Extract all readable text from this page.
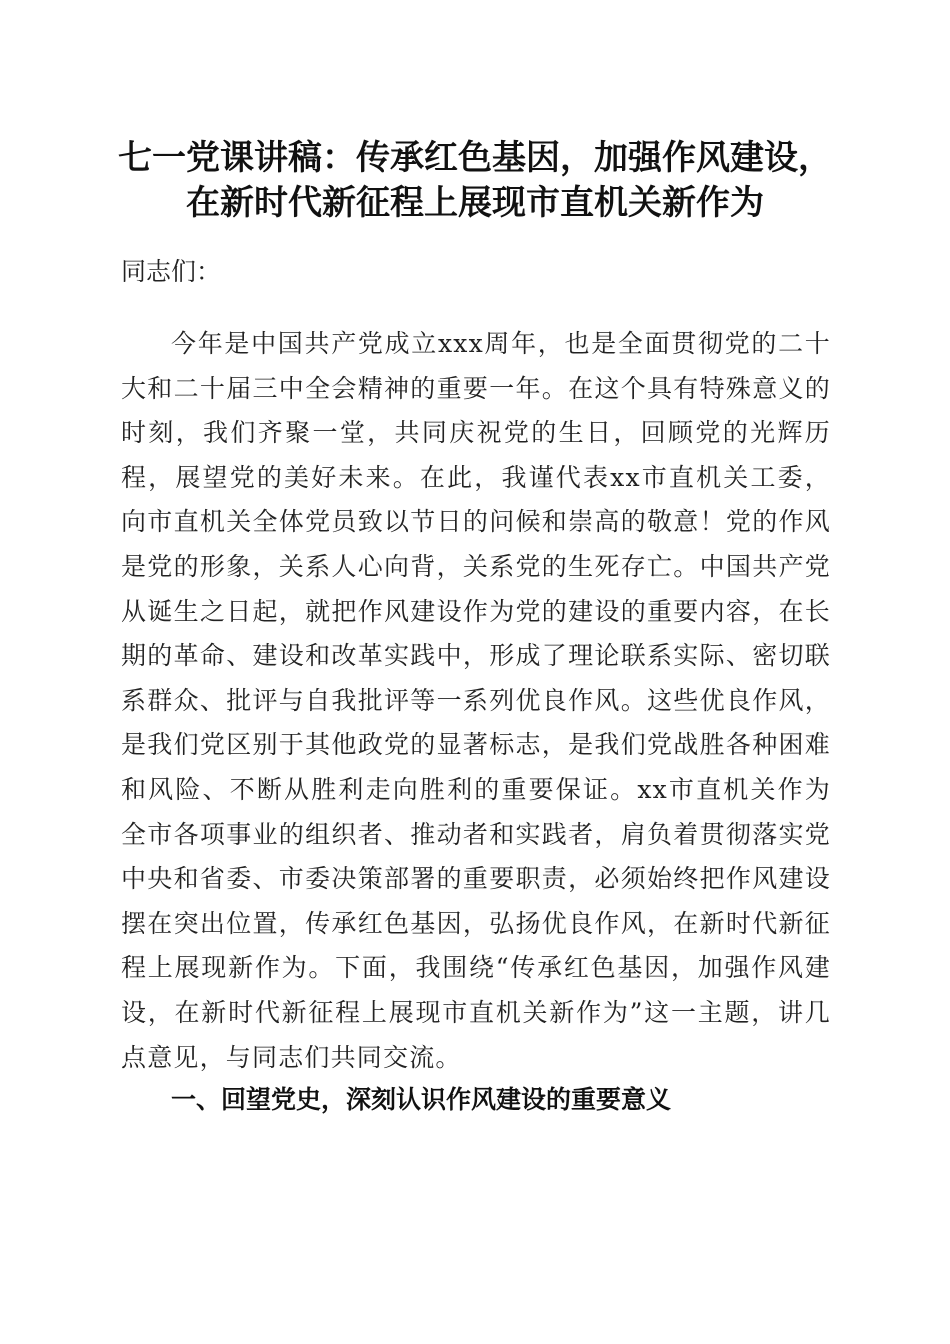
七一党课讲稿：传承红色基因，加强作风建设，
在新时代新征程上展现市直机关新作为

同志们：

今年是中国共产党成立xxx周年，也是全面贯彻党的二十大和二十届三中全会精神的重要一年。在这个具有特殊意义的时刻，我们齐聚一堂，共同庆祝党的生日，回顾党的光辉历程，展望党的美好未来。在此，我谨代表xx市直机关工委，向市直机关全体党员致以节日的问候和崇高的敬意！党的作风是党的形象，关系人心向背，关系党的生死存亡。中国共产党从诞生之日起，就把作风建设作为党的建设的重要内容，在长期的革命、建设和改革实践中，形成了理论联系实际、密切联系群众、批评与自我批评等一系列优良作风。这些优良作风，是我们党区别于其他政党的显著标志，是我们党战胜各种困难和风险、不断从胜利走向胜利的重要保证。xx市直机关作为全市各项事业的组织者、推动者和实践者，肩负着贯彻落实党中央和省委、市委决策部署的重要职责，必须始终把作风建设摆在突出位置，传承红色基因，弘扬优良作风，在新时代新征程上展现新作为。下面，我围绕“传承红色基因，加强作风建设，在新时代新征程上展现市直机关新作为”这一主题，讲几点意见，与同志们共同交流。

一、回望党史，深刻认识作风建设的重要意义
